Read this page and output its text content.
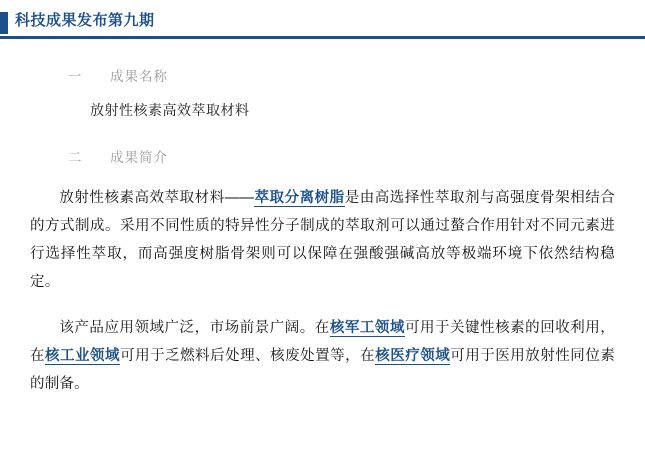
科技成果发布第九期
一	成果名称
放射性核素高效萃取材料
二	成果简介

放射性核素高效萃取材料——萃取分离树脂是由高选择性萃取剂与高强度骨架相结合的方式制成。采用不同性质的特异性分子制成的萃取剂可以通过螯合作用针对不同元素进行选择性萃取，而高强度树脂骨架则可以保障在强酸强碱高放等极端环境下依然结构稳定。

该产品应用领域广泛，市场前景广阔。在核军工领域可用于关键性核素的回收利用，在核工业领域可用于乏燃料后处理、核废处置等，在核医疗领域可用于医用放射性同位素的制备。
